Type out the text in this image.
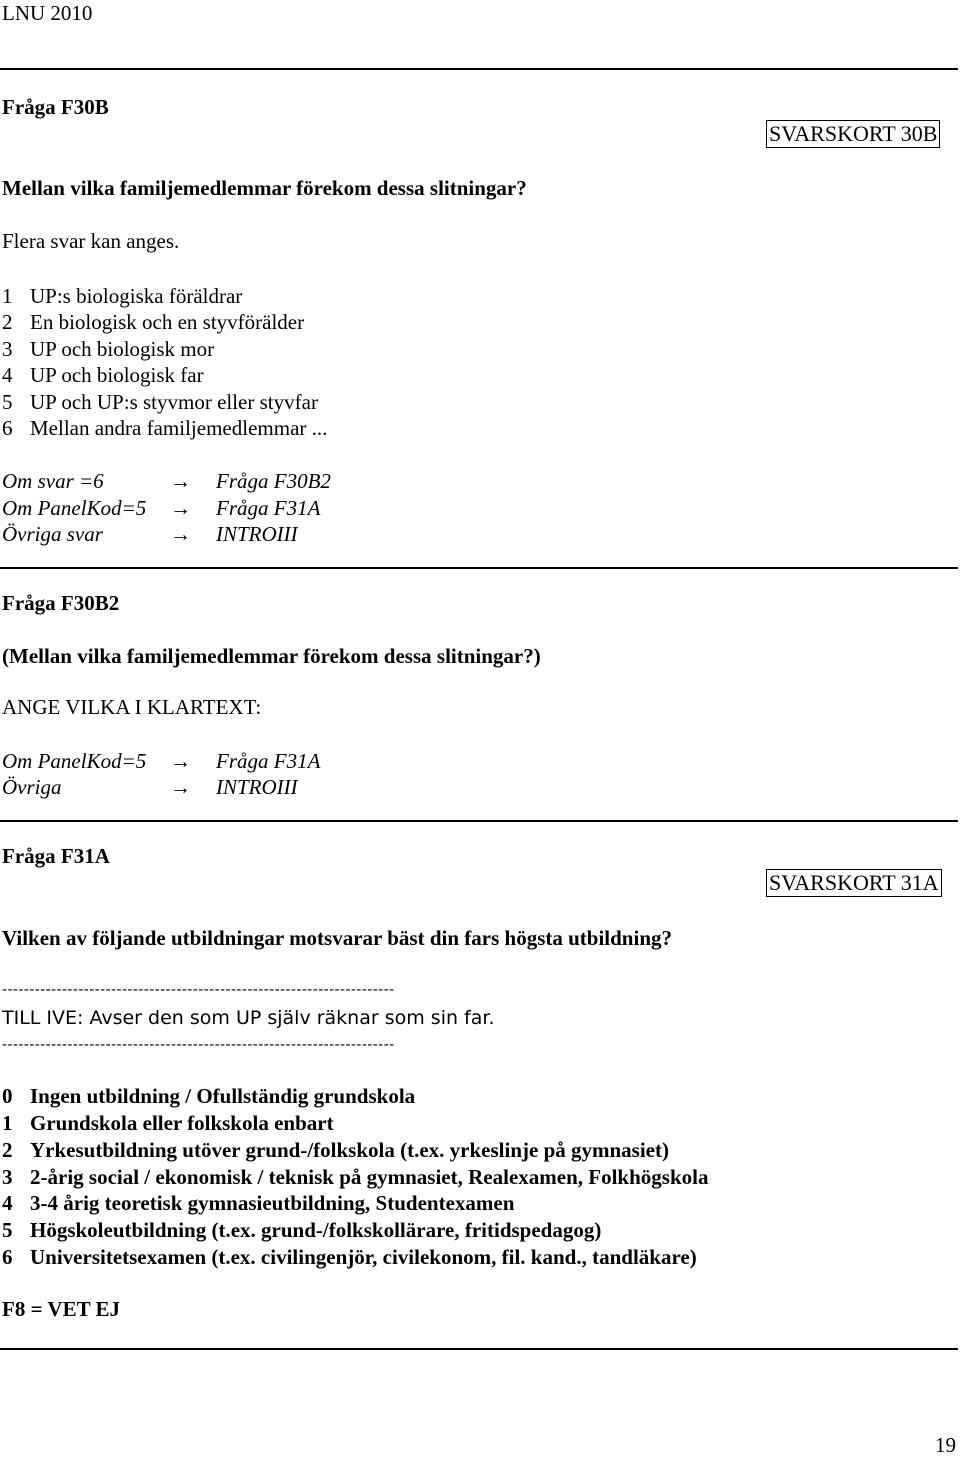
LNU 2010
Fråga F30B
SVARSKORT 30B
Mellan vilka familjemedlemmar förekom dessa slitningar?
Flera svar kan anges.
1 UP:s biologiska föräldrar
2 En biologisk och en styvförälder
3 UP och biologisk mor
4 UP och biologisk far
5 UP och UP:s styvmor eller styvfar
6 Mellan andra familjemedlemmar ...
Om svar =6	→ Fråga F30B2
Om PanelKod=5 → Fråga F31A
Övriga svar	→ INTROIII
Fråga F30B2
(Mellan vilka familjemedlemmar förekom dessa slitningar?)
ANGE VILKA I KLARTEXT:
Om PanelKod=5 → Fråga F31A
Övriga	→ INTROIII
Fråga F31A
SVARSKORT 31A
Vilken av följande utbildningar motsvarar bäst din fars högsta utbildning?
------------------------------------------------------------------------
TILL IVE: Avser den som UP själv räknar som sin far.
------------------------------------------------------------------------
0 Ingen utbildning / Ofullständig grundskola
1 Grundskola eller folkskola enbart
2 Yrkesutbildning utöver grund-/folkskola (t.ex. yrkeslinje på gymnasiet)
3 2-årig social / ekonomisk / teknisk på gymnasiet, Realexamen, Folkhögskola
4 3-4 årig teoretisk gymnasieutbildning, Studentexamen
5 Högskoleutbildning (t.ex. grund-/folkskollärare, fritidspedagog)
6 Universitetsexamen (t.ex. civilingenjör, civilekonom, fil. kand., tandläkare)
F8 = VET EJ
19
